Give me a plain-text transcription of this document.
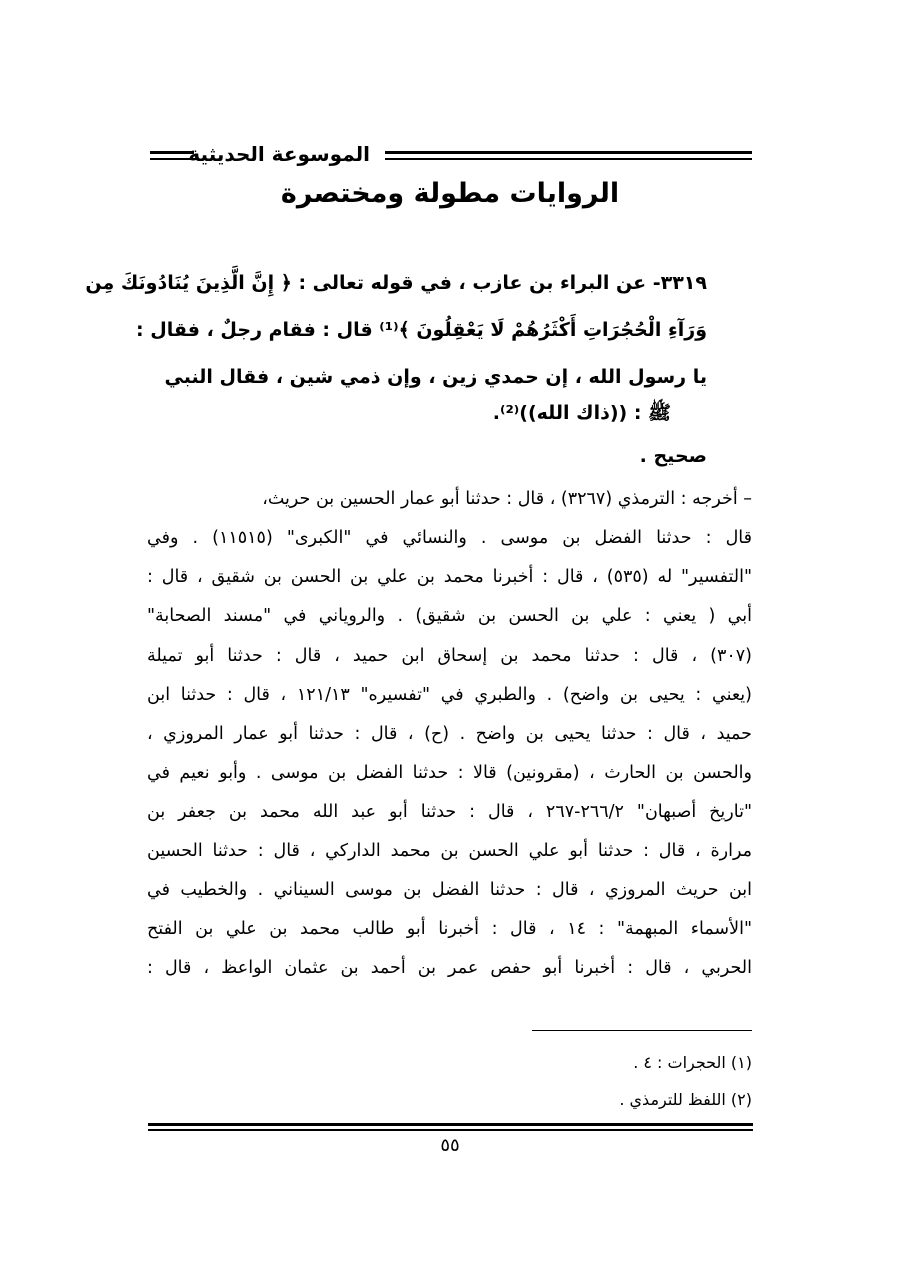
الموسوعة الحديثية
الروايات مطولة ومختصرة
٣٣١٩- عن البراء بن عازب ، في قوله تعالى : ﴿ إِنَّ الَّذِينَ يُنَادُونَكَ مِن
وَرَآءِ الْحُجُرَاتِ أَكْثَرُهُمْ لَا يَعْقِلُونَ ﴾⁽¹⁾ قال : فقام رجلٌ ، فقال :
يا رسول الله ، إن حمدي زين ، وإن ذمي شين ، فقال النبي
ﷺ : ((ذاك الله))⁽²⁾.
صحيح .
– أخرجه : الترمذي (٣٢٦٧) ، قال : حدثنا أبو عمار الحسين بن حريث،
قال : حدثنا الفضل بن موسى . والنسائي في "الكبرى" (١١٥١٥) . وفي
"التفسير" له (٥٣٥) ، قال : أخبرنا محمد بن علي بن الحسن بن شقيق ، قال :
أبي ( يعني : علي بن الحسن بن شقيق) . والروياني في "مسند الصحابة"
(٣٠٧) ، قال : حدثنا محمد بن إسحاق ابن حميد ، قال : حدثنا أبو تميلة
(يعني : يحيى بن واضح) . والطبري في "تفسيره" ١٢١/١٣ ، قال : حدثنا ابن
حميد ، قال : حدثنا يحيى بن واضح . (ح) ، قال : حدثنا أبو عمار المروزي ،
والحسن بن الحارث ، (مقرونين) قالا : حدثنا الفضل بن موسى . وأبو نعيم في
"تاريخ أصبهان" ٢٦٦/٢-٢٦٧ ، قال : حدثنا أبو عبد الله محمد بن جعفر بن
مرارة ، قال : حدثنا أبو علي الحسن بن محمد الداركي ، قال : حدثنا الحسين
ابن حريث المروزي ، قال : حدثنا الفضل بن موسى السيناني . والخطيب في
"الأسماء المبهمة" : ١٤ ، قال : أخبرنا أبو طالب محمد بن علي بن الفتح
الحربي ، قال : أخبرنا أبو حفص عمر بن أحمد بن عثمان الواعظ ، قال :
(١) الحجرات : ٤ .
(٢) اللفظ للترمذي .
٥٥
